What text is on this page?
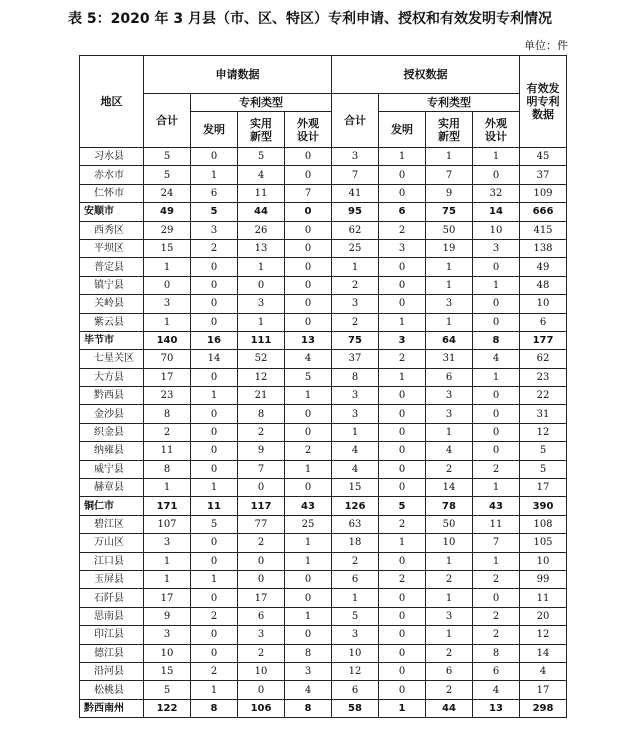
表 5：2020 年 3 月县（市、区、特区）专利申请、授权和有效发明专利情况
单位：件
地区	申请数据				授权数据				有效发明专利数据
	合计	专利类型			合计	专利类型			
		发明	实用新型	外观设计		发明	实用新型	外观设计	
习水县	5	0	5	0	3	1	1	1	45
赤水市	5	1	4	0	7	0	7	0	37
仁怀市	24	6	11	7	41	0	9	32	109
安顺市	49	5	44	0	95	6	75	14	666
西秀区	29	3	26	0	62	2	50	10	415
平坝区	15	2	13	0	25	3	19	3	138
普定县	1	0	1	0	1	0	1	0	49
镇宁县	0	0	0	0	2	0	1	1	48
关岭县	3	0	3	0	3	0	3	0	10
紫云县	1	0	1	0	2	1	1	0	6
毕节市	140	16	111	13	75	3	64	8	177
七星关区	70	14	52	4	37	2	31	4	62
大方县	17	0	12	5	8	1	6	1	23
黔西县	23	1	21	1	3	0	3	0	22
金沙县	8	0	8	0	3	0	3	0	31
织金县	2	0	2	0	1	0	1	0	12
纳雍县	11	0	9	2	4	0	4	0	5
威宁县	8	0	7	1	4	0	2	2	5
赫章县	1	1	0	0	15	0	14	1	17
铜仁市	171	11	117	43	126	5	78	43	390
碧江区	107	5	77	25	63	2	50	11	108
万山区	3	0	2	1	18	1	10	7	105
江口县	1	0	0	1	2	0	1	1	10
玉屏县	1	1	0	0	6	2	2	2	99
石阡县	17	0	17	0	1	0	1	0	11
思南县	9	2	6	1	5	0	3	2	20
印江县	3	0	3	0	3	0	1	2	12
德江县	10	0	2	8	10	0	2	8	14
沿河县	15	2	10	3	12	0	6	6	4
松桃县	5	1	0	4	6	0	2	4	17
黔西南州	122	8	106	8	58	1	44	13	298
